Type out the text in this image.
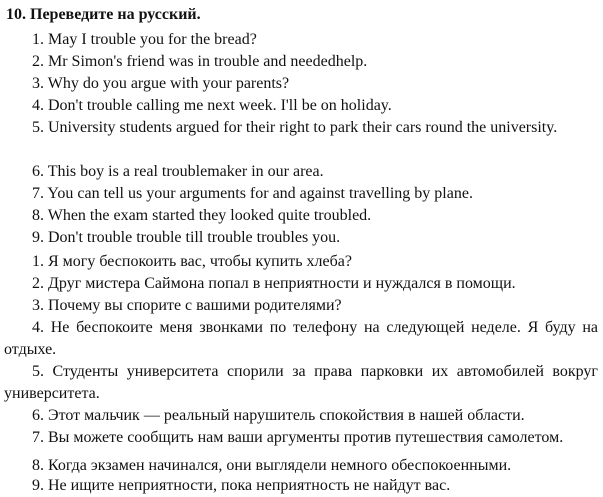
10. Переведите на русский.
1. May I trouble you for the bread?
2. Mr Simon's friend was in trouble and neededhelp.
3. Why do you argue with your parents?
4. Don't trouble calling me next week. I'll be on holiday.
5. University students argued for their right to park their cars round the university.
6. This boy is a real troublemaker in our area.
7. You can tell us your arguments for and against travelling by plane.
8. When the exam started they looked quite troubled.
9. Don't trouble trouble till trouble troubles you.
1. Я могу беспокоить вас, чтобы купить хлеба?
2. Друг мистера Саймона попал в неприятности и нуждался в помощи.
3. Почему вы спорите с вашими родителями?
4. Не беспокоите меня звонками по телефону на следующей неделе. Я буду на отдыхе.
5. Студенты университета спорили за права парковки их автомобилей вокруг университета.
6. Этот мальчик — реальный нарушитель спокойствия в нашей области.
7. Вы можете сообщить нам ваши аргументы против путешествия самолетом.
8. Когда экзамен начинался, они выглядели немного обеспокоенными.
9. Не ищите неприятности, пока неприятность не найдут вас.
